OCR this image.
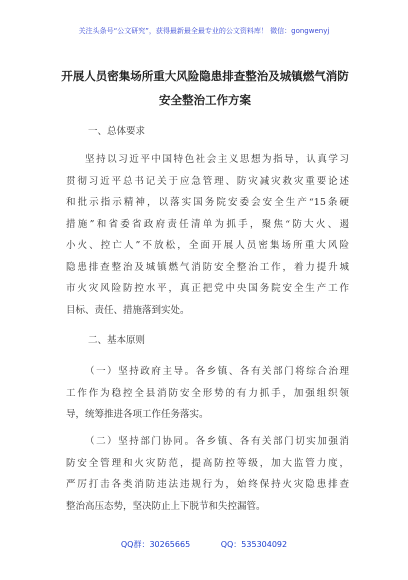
关注头条号“公文研究”，获得最新最全最专业的公文资料库！ 微信：gongwenyj
开展人员密集场所重大风险隐患排查整治及城镇燃气消防
安全整治工作方案
一、总体要求
坚持以习近平中国特色社会主义思想为指导，认真学习
贯彻习近平总书记关于应急管理、防灾减灾救灾重要论述
和批示指示精神，以落实国务院安委会安全生产“15条硬
措施”和省委省政府责任清单为抓手，聚焦“防大火、遏
小火、控亡人”不放松，全面开展人员密集场所重大风险
隐患排查整治及城镇燃气消防安全整治工作，着力提升城
市火灾风险防控水平，真正把党中央国务院安全生产工作
目标、责任、措施落到实处。
二、基本原则
（一）坚持政府主导。各乡镇、各有关部门将综合治理
工作作为稳控全县消防安全形势的有力抓手，加强组织领
导，统筹推进各项工作任务落实。
（二）坚持部门协同。各乡镇、各有关部门切实加强消
防安全管理和火灾防范，提高防控等级，加大监管力度，
严厉打击各类消防违法违规行为，始终保持火灾隐患排查
整治高压态势，坚决防止上下脱节和失控漏管。
QQ群：30265665 QQ：535304092
